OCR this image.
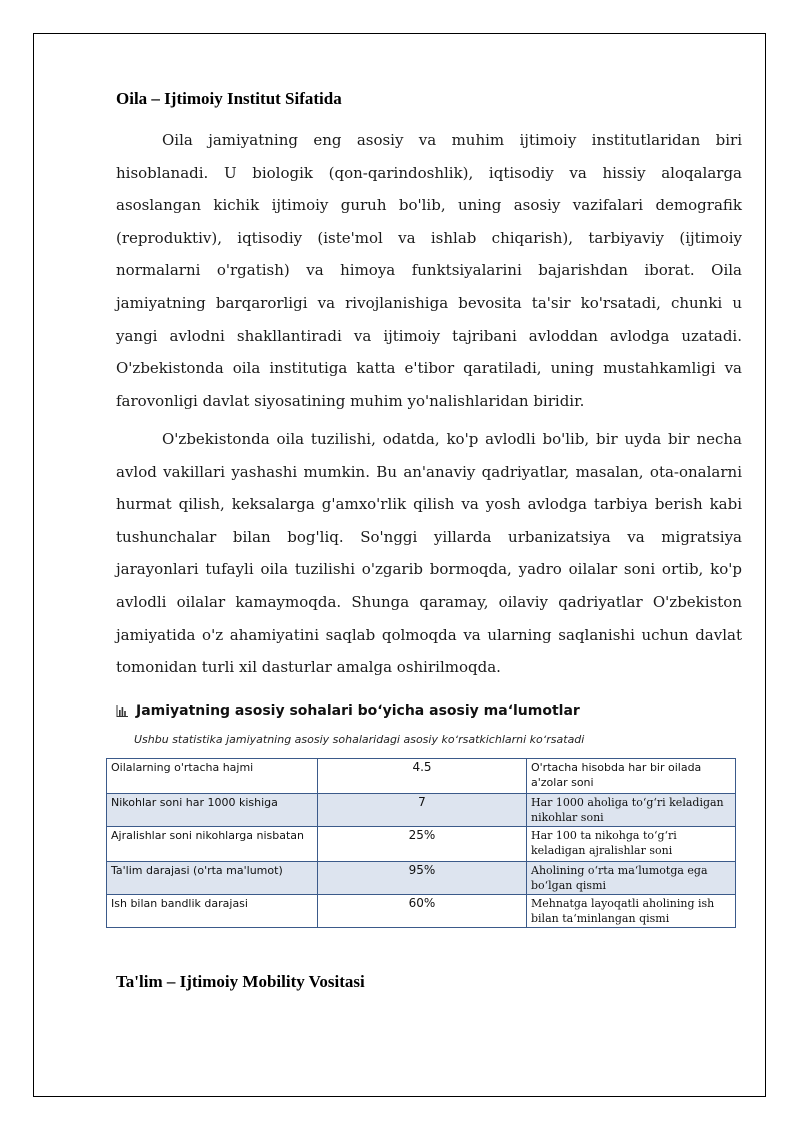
Oila – Ijtimoiy Institut Sifatida

Oila jamiyatning eng asosiy va muhim ijtimoiy institutlaridan biri hisoblanadi. U biologik (qon-qarindoshlik), iqtisodiy va hissiy aloqalarga asoslangan kichik ijtimoiy guruh bo'lib, uning asosiy vazifalari demografik (reproduktiv), iqtisodiy (iste'mol va ishlab chiqarish), tarbiyaviy (ijtimoiy normalarni o'rgatish) va himoya funktsiyalarini bajarishdan iborat. Oila jamiyatning barqarorligi va rivojlanishiga bevosita ta'sir ko'rsatadi, chunki u yangi avlodni shakllantiradi va ijtimoiy tajribani avloddan avlodga uzatadi. O'zbekistonda oila institutiga katta e'tibor qaratiladi, uning mustahkamligi va farovonligi davlat siyosatining muhim yo'nalishlaridan biridir.

O'zbekistonda oila tuzilishi, odatda, ko'p avlodli bo'lib, bir uyda bir necha avlod vakillari yashashi mumkin. Bu an'anaviy qadriyatlar, masalan, ota-onalarni hurmat qilish, keksalarga g'amxo'rlik qilish va yosh avlodga tarbiya berish kabi tushunchalar bilan bog'liq. So'nggi yillarda urbanizatsiya va migratsiya jarayonlari tufayli oila tuzilishi o'zgarib bormoqda, yadro oilalar soni ortib, ko'p avlodli oilalar kamaymoqda. Shunga qaramay, oilaviy qadriyatlar O'zbekiston jamiyatida o'z ahamiyatini saqlab qolmoqda va ularning saqlanishi uchun davlat tomonidan turli xil dasturlar amalga oshirilmoqda.

Jamiyatning asosiy sohalari boʻyicha asosiy maʻlumotlar
Ushbu statistika jamiyatning asosiy sohalaridagi asosiy koʻrsatkichlarni koʻrsatadi
Oilalarning o'rtacha hajmi	4.5	O'rtacha hisobda har bir oilada a'zolar soni
Nikohlar soni har 1000 kishiga	7	Har 1000 aholiga toʻgʻri keladigan nikohlar soni
Ajralishlar soni nikohlarga nisbatan	25%	Har 100 ta nikohga toʻgʻri keladigan ajralishlar soni
Ta'lim darajasi (o'rta ma'lumot)	95%	Aholining oʻrta maʻlumotga ega boʻlgan qismi
Ish bilan bandlik darajasi	60%	Mehnatga layoqatli aholining ish bilan taʻminlangan qismi
Ta'lim – Ijtimoiy Mobility Vositasi
